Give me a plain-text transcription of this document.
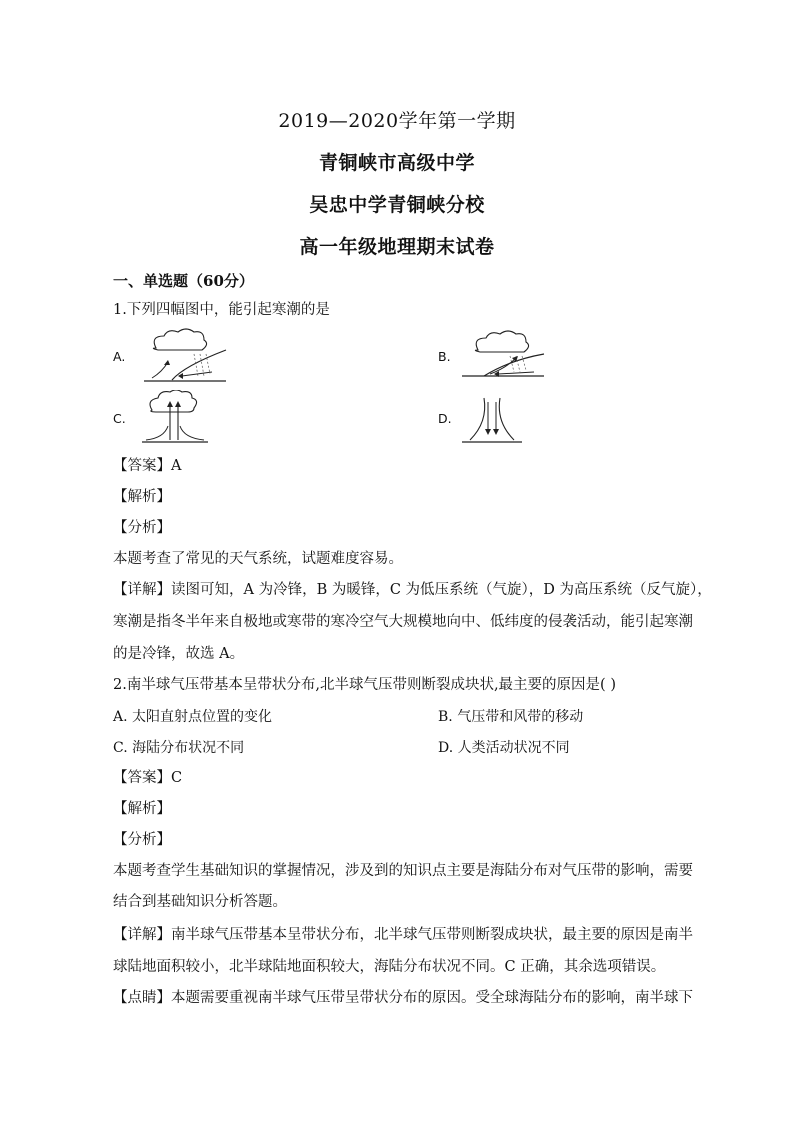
2019—2020学年第一学期
青铜峡市高级中学
吴忠中学青铜峡分校
高一年级地理期末试卷
一、单选题（60分）
1.下列四幅图中，能引起寒潮的是
A.	B.
C.	D.
【答案】A
【解析】
【分析】
本题考查了常见的天气系统，试题难度容易。
【详解】读图可知，A 为冷锋，B 为暖锋，C 为低压系统（气旋），D 为高压系统（反气旋），
寒潮是指冬半年来自极地或寒带的寒冷空气大规模地向中、低纬度的侵袭活动，能引起寒潮
的是冷锋，故选 A。
2.南半球气压带基本呈带状分布,北半球气压带则断裂成块状,最主要的原因是( )
A. 太阳直射点位置的变化	B. 气压带和风带的移动
C. 海陆分布状况不同	D. 人类活动状况不同
【答案】C
【解析】
【分析】
本题考查学生基础知识的掌握情况，涉及到的知识点主要是海陆分布对气压带的影响，需要
结合到基础知识分析答题。
【详解】南半球气压带基本呈带状分布，北半球气压带则断裂成块状，最主要的原因是南半
球陆地面积较小，北半球陆地面积较大，海陆分布状况不同。C 正确，其余选项错误。
【点睛】本题需要重视南半球气压带呈带状分布的原因。受全球海陆分布的影响，南半球下
